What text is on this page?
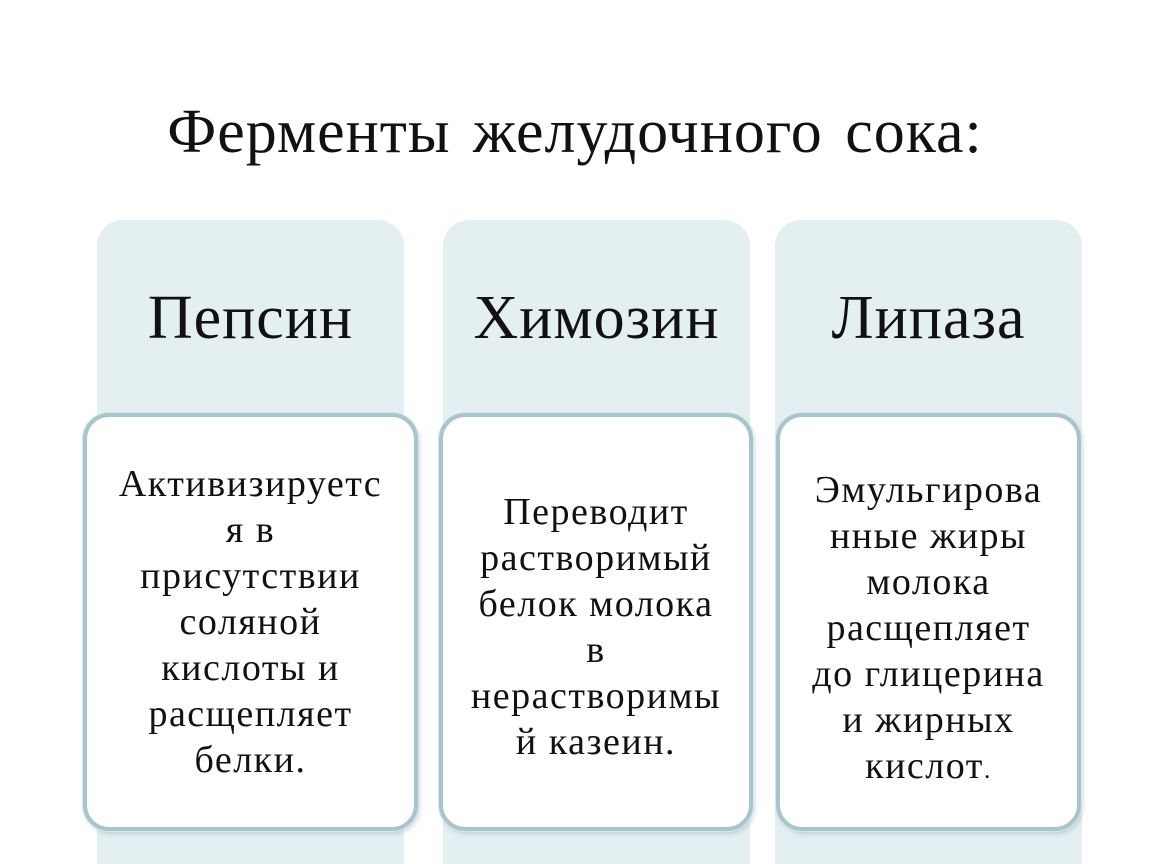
Ферменты желудочного сока:
Пепсин	Химозин	Липаза
Активизируетс
я в
присутствии
соляной
кислоты и
расщепляет
белки.
Переводит
растворимый
белок молока
в
нерастворимы
й казеин.
Эмульгирова
нные жиры
молока
расщепляет
до глицерина
и жирных
кислот.
